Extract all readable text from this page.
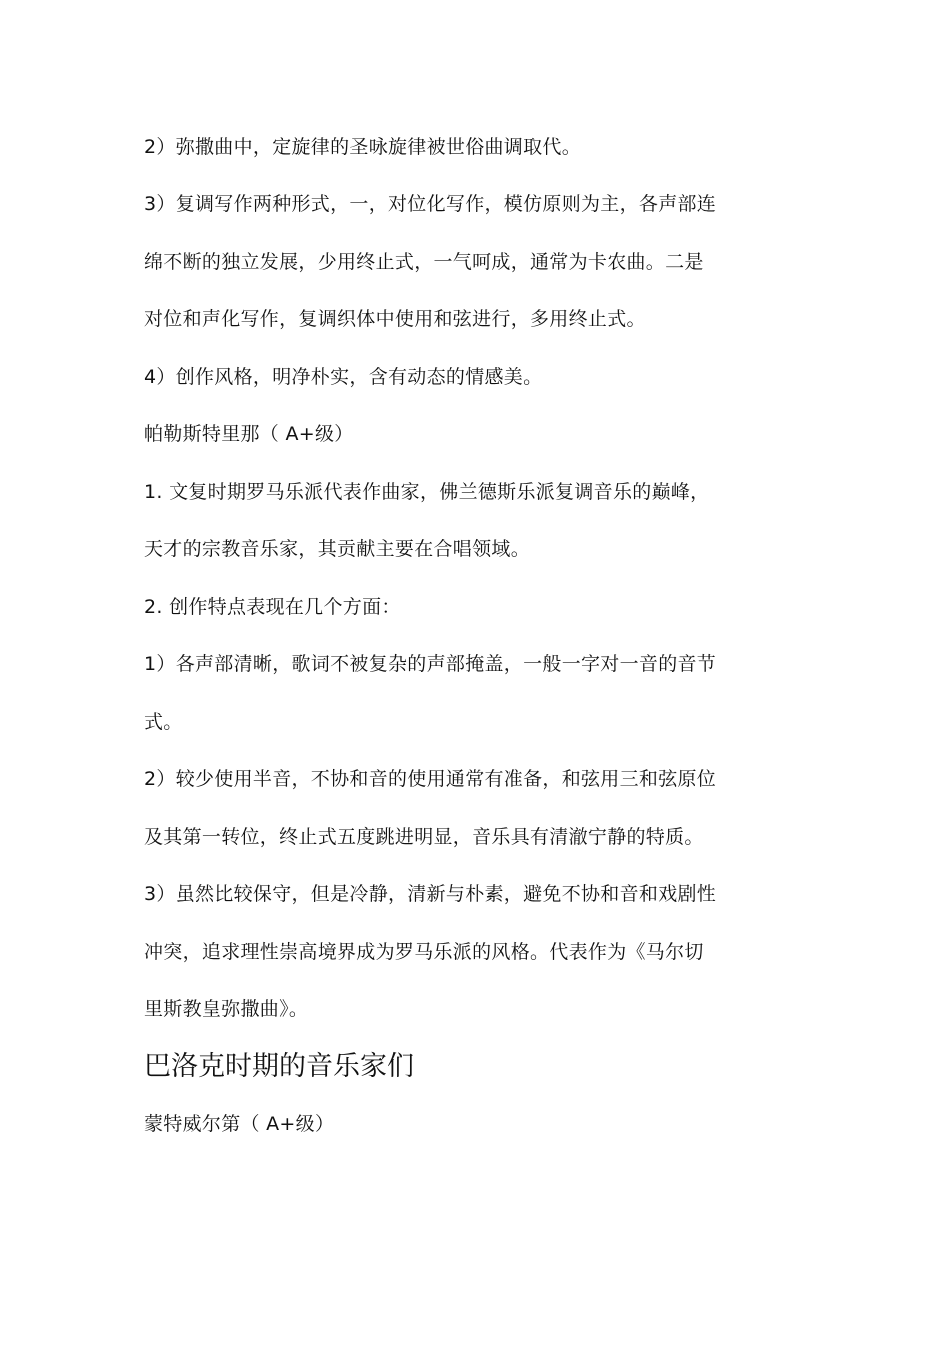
2）弥撒曲中，定旋律的圣咏旋律被世俗曲调取代。
3）复调写作两种形式，一，对位化写作，模仿原则为主，各声部连
绵不断的独立发展，少用终止式，一气呵成，通常为卡农曲。二是
对位和声化写作，复调织体中使用和弦进行，多用终止式。
4）创作风格，明净朴实，含有动态的情感美。
帕勒斯特里那（ A+级）
1. 文复时期罗马乐派代表作曲家，佛兰德斯乐派复调音乐的巅峰，
天才的宗教音乐家，其贡献主要在合唱领域。
2. 创作特点表现在几个方面：
1）各声部清晰，歌词不被复杂的声部掩盖，一般一字对一音的音节
式。
2）较少使用半音，不协和音的使用通常有准备，和弦用三和弦原位
及其第一转位，终止式五度跳进明显，音乐具有清澈宁静的特质。
3）虽然比较保守，但是冷静，清新与朴素，避免不协和音和戏剧性
冲突，追求理性崇高境界成为罗马乐派的风格。代表作为《马尔切
里斯教皇弥撒曲》。
巴洛克时期的音乐家们
蒙特威尔第（ A+级）
